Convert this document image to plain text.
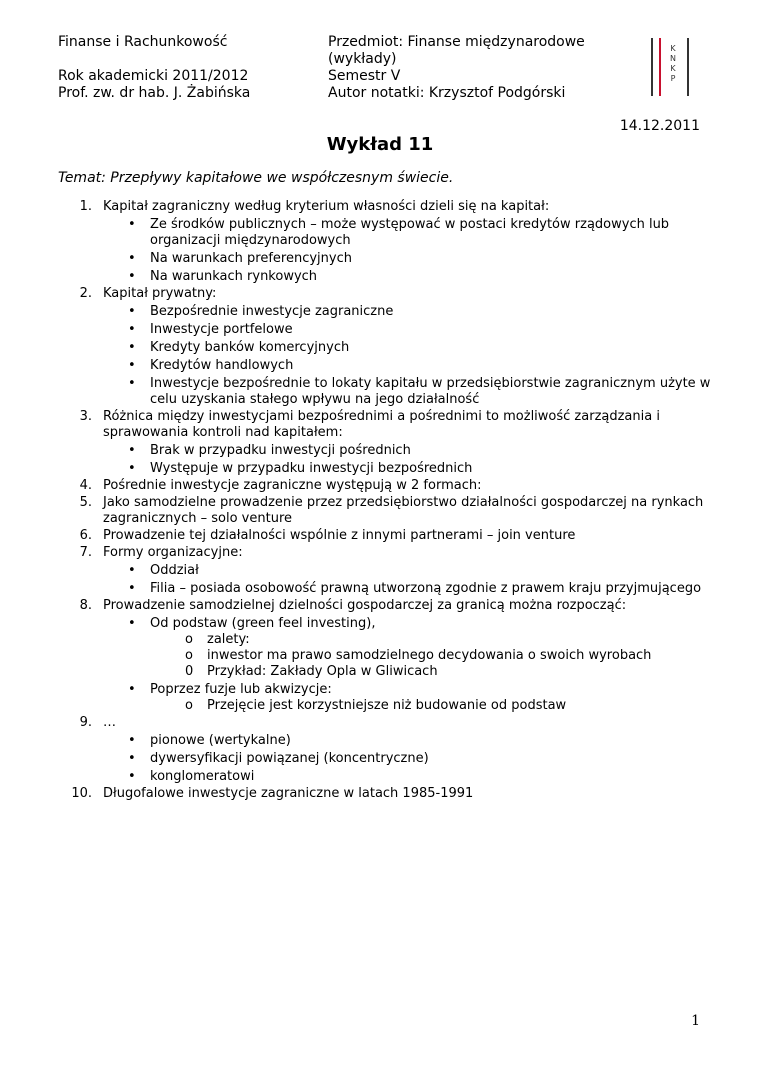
Finanse i Rachunkowość

Rok akademicki 2011/2012
Prof. zw. dr hab. J. Żabińska
Przedmiot: Finanse międzynarodowe
(wykłady)
Semestr V
Autor notatki: Krzysztof Podgórski
K
N
K
P
14.12.2011
Wykład 11
Temat: Przepływy kapitałowe we współczesnym świecie.
1. Kapitał zagraniczny według kryterium własności dzieli się na kapitał:
• Ze środków publicznych – może występować w postaci kredytów rządowych lub
organizacji międzynarodowych
• Na warunkach preferencyjnych
• Na warunkach rynkowych
2. Kapitał prywatny:
• Bezpośrednie inwestycje zagraniczne
• Inwestycje portfelowe
• Kredyty banków komercyjnych
• Kredytów handlowych
• Inwestycje bezpośrednie to lokaty kapitału w przedsiębiorstwie zagranicznym użyte w
celu uzyskania stałego wpływu na jego działalność
3. Różnica między inwestycjami bezpośrednimi a pośrednimi to możliwość zarządzania i
sprawowania kontroli nad kapitałem:
• Brak w przypadku inwestycji pośrednich
• Występuje w przypadku inwestycji bezpośrednich
4. Pośrednie inwestycje zagraniczne występują w 2 formach:
5. Jako samodzielne prowadzenie przez przedsiębiorstwo działalności gospodarczej na rynkach
zagranicznych – solo venture
6. Prowadzenie tej działalności wspólnie z innymi partnerami – join venture
7. Formy organizacyjne:
• Oddział
• Filia – posiada osobowość prawną utworzoną zgodnie z prawem kraju przyjmującego
8. Prowadzenie samodzielnej dzielności gospodarczej za granicą można rozpocząć:
• Od podstaw (green feel investing),
o zalety:
o inwestor ma prawo samodzielnego decydowania o swoich wyrobach
0 Przykład: Zakłady Opla w Gliwicach
• Poprzez fuzje lub akwizycje:
o Przejęcie jest korzystniejsze niż budowanie od podstaw
9. …
• pionowe (wertykalne)
• dywersyfikacji powiązanej (koncentryczne)
• konglomeratowi
10. Długofalowe inwestycje zagraniczne w latach 1985-1991
1
